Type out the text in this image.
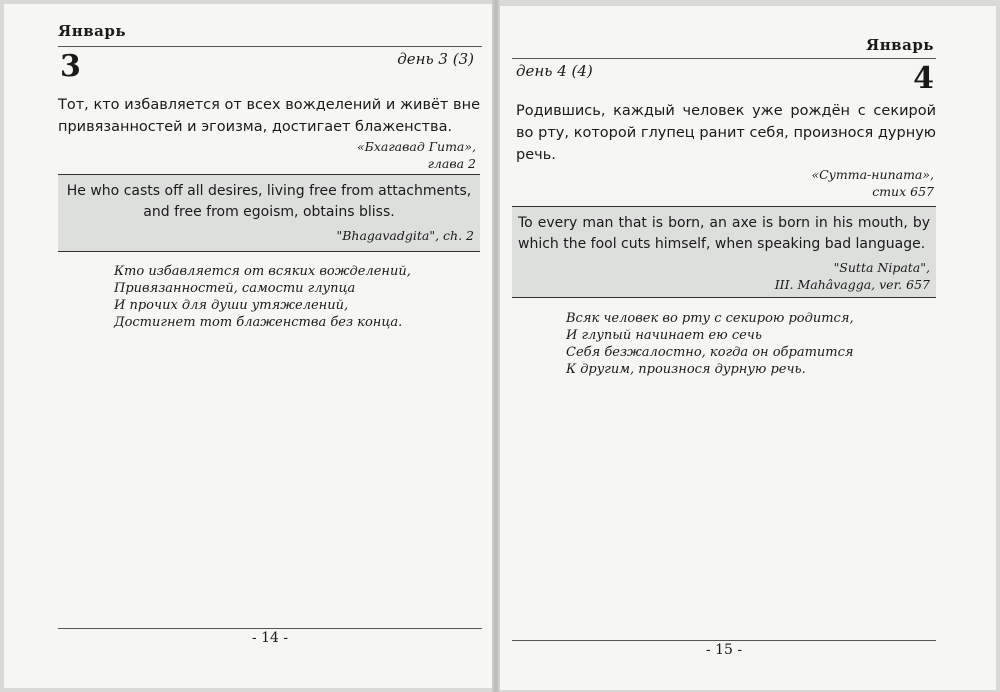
Январь
3	день 3 (3)

Тот, кто избавляется от всех вожделений и живёт вне привязанностей и эгоизма, достигает блаженства.

«Бхагавад Гита»,
глава 2

He who casts off all desires, living free from attachments, and free from egoism, obtains bliss.

"Bhagavadgita", ch. 2
Кто избавляется от всяких вожделений,
Привязанностей, самости глупца
И прочих для души утяжелений,
Достигнет тот блаженства без конца.
- 14 -
Январь
день 4 (4)	4

Родившись, каждый человек уже рождён с секирой во рту, которой глупец ранит себя, произнося дурную речь.

«Сутта-нипата»,
стих 657

To every man that is born, an axe is born in his mouth, by which the fool cuts himself, when speaking bad language.

"Sutta Nipata",
III. Mahâvagga, ver. 657
Всяк человек во рту с секирою родится,
И глупый начинает ею сечь
Себя безжалостно, когда он обратится
К другим, произнося дурную речь.
- 15 -
